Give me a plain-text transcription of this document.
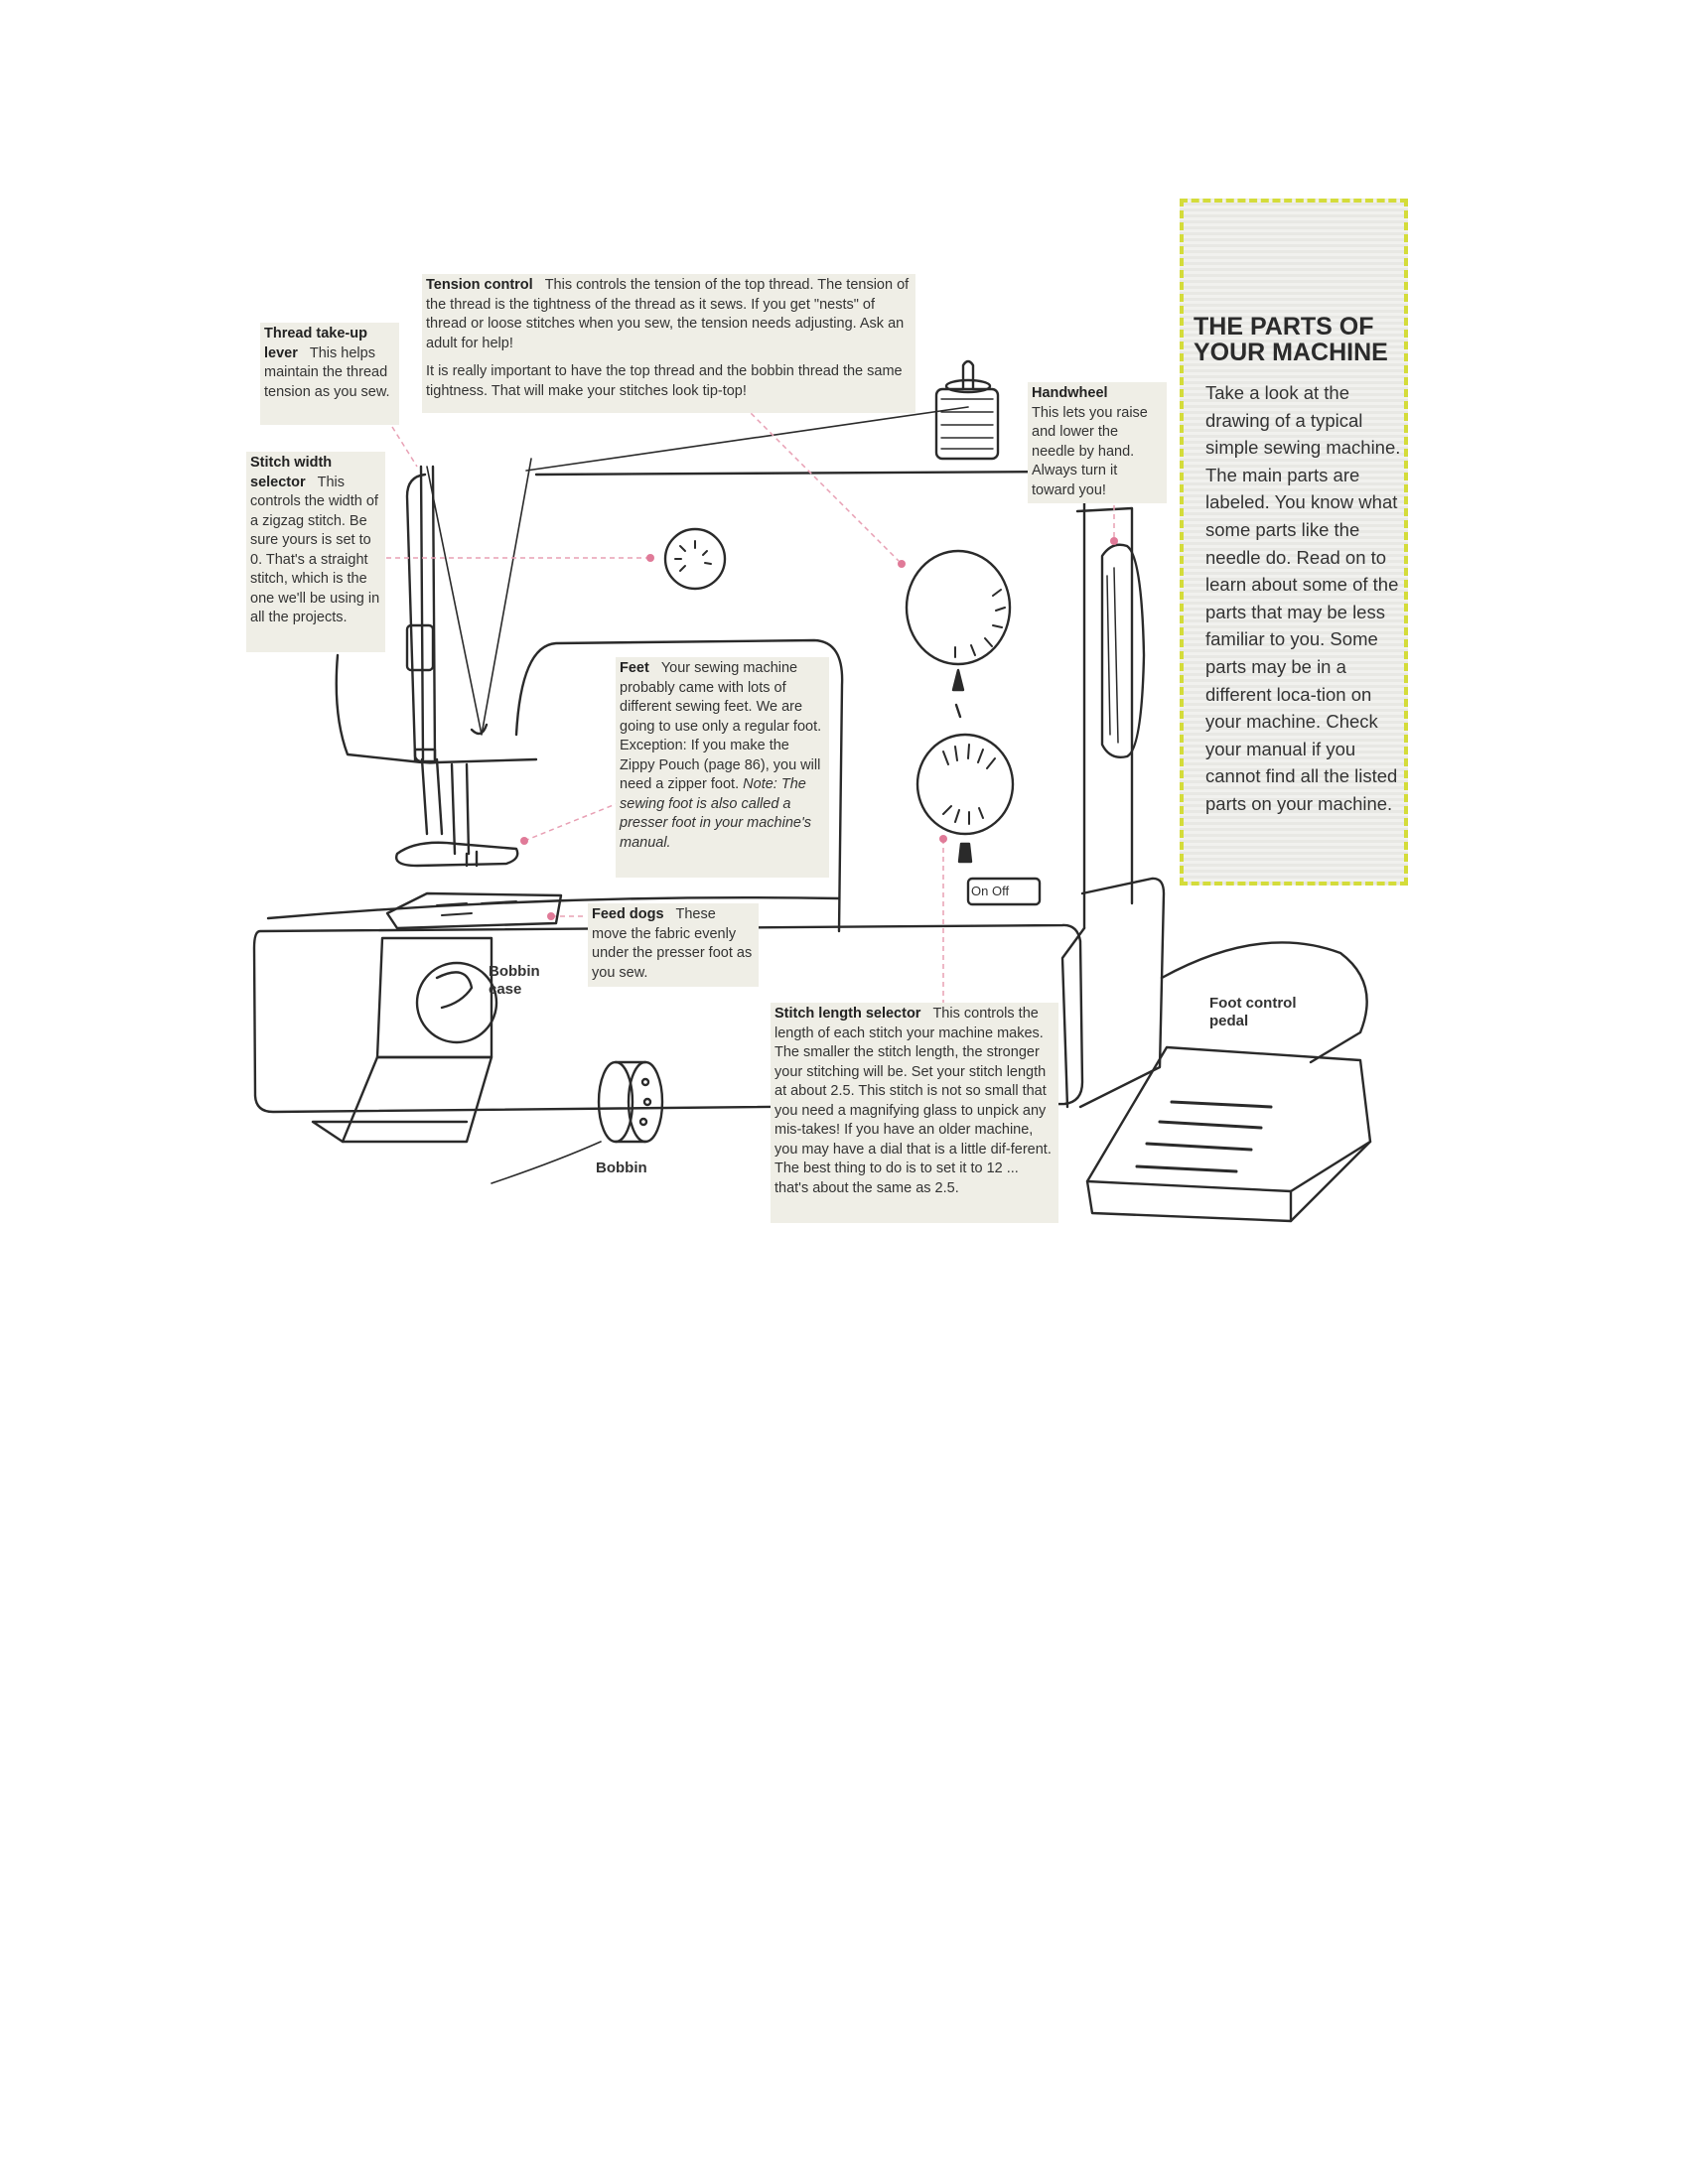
Tension control This controls the tension of the top thread. The tension of the thread is the tightness of the thread as it sews. If you get "nests" of thread or loose stitches when you sew, the tension needs adjusting. Ask an adult for help!

It is really important to have the top thread and the bobbin thread the same tightness. That will make your stitches look tip-top!

Thread take-up lever This helps maintain the thread tension as you sew.
Stitch width selector This controls the width of a zigzag stitch. Be sure yours is set to 0. That's a straight stitch, which is the one we'll be using in all the projects.
Handwheel
This lets you raise and lower the needle by hand. Always turn it toward you!
Feet Your sewing machine probably came with lots of different sewing feet. We are going to use only a regular foot. Exception: If you make the Zippy Pouch (page 86), you will need a zipper foot. Note: The sewing foot is also called a presser foot in your machine's manual.
Feed dogs These move the fabric evenly under the presser foot as you sew.
Stitch length selector This controls the length of each stitch your machine makes. The smaller the stitch length, the stronger your stitching will be. Set your stitch length at about 2.5. This stitch is not so small that you need a magnifying glass to unpick any mis-takes! If you have an older machine, you may have a dial that is a little dif-ferent. The best thing to do is to set it to 12 ... that's about the same as 2.5.
Bobbin case
Bobbin
Foot control pedal
On Off
THE PARTS OF YOUR MACHINE
Take a look at the drawing of a typical simple sewing machine. The main parts are labeled. You know what some parts like the needle do. Read on to learn about some of the parts that may be less familiar to you. Some parts may be in a different loca-tion on your machine. Check your manual if you cannot find all the listed parts on your machine.
